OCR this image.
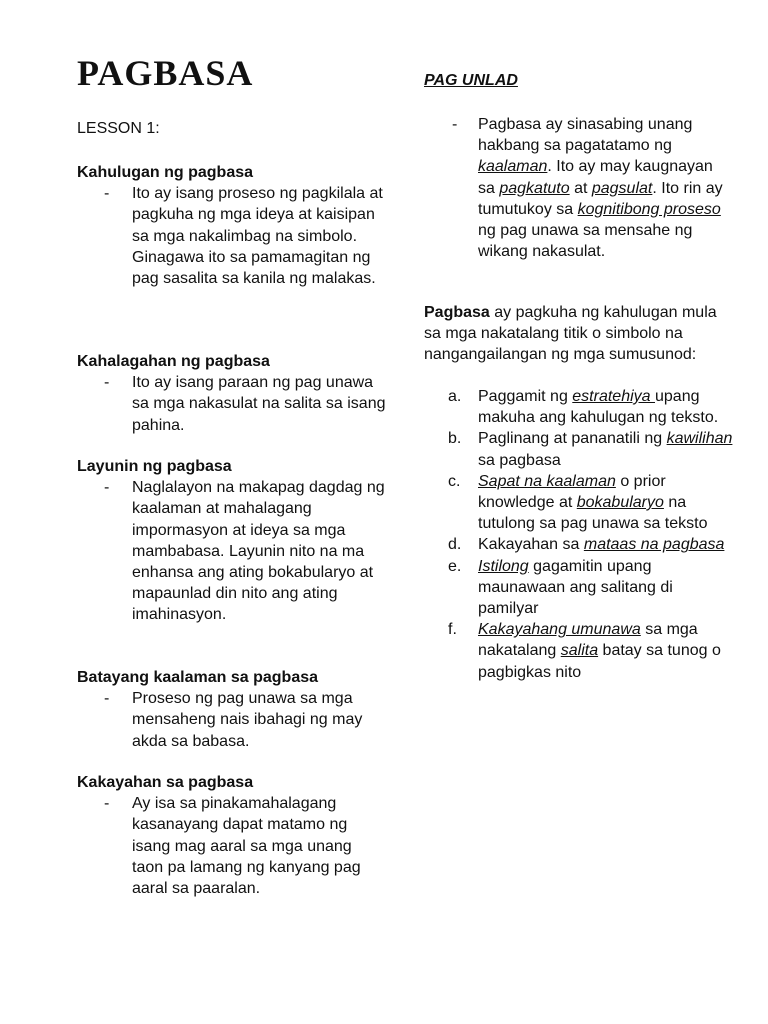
PAGBASA
LESSON 1:
Kahulugan ng pagbasa
- Ito ay isang proseso ng pagkilala at pagkuha ng mga ideya at kaisipan sa mga nakalimbag na simbolo. Ginagawa ito sa pamamagitan ng pag sasalita sa kanila ng malakas.
Kahalagahan ng pagbasa
- Ito ay isang paraan ng pag unawa sa mga nakasulat na salita sa isang pahina.
Layunin ng pagbasa
- Naglalayon na makapag dagdag ng kaalaman at mahalagang impormasyon at ideya sa mga mambabasa. Layunin nito na ma enhansa ang ating bokabularyo at mapaunlad din nito ang ating imahinasyon.
Batayang kaalaman sa pagbasa
- Proseso ng pag unawa sa mga mensaheng nais ibahagi ng may akda sa babasa.
Kakayahan sa pagbasa
- Ay isa sa pinakamahalagang kasanayang dapat matamo ng isang mag aaral sa mga unang taon pa lamang ng kanyang pag aaral sa paaralan.
PAG UNLAD
- Pagbasa ay sinasabing unang hakbang sa pagatatamo ng kaalaman. Ito ay may kaugnayan sa pagkatuto at pagsulat. Ito rin ay tumutukoy sa kognitibong proseso ng pag unawa sa mensahe ng wikang nakasulat.
Pagbasa ay pagkuha ng kahulugan mula sa mga nakatalang titik o simbolo na nangangailangan ng mga sumusunod:
a. Paggamit ng estratehiya upang makuha ang kahulugan ng teksto.
b. Paglinang at pananatili ng kawilihan sa pagbasa
c. Sapat na kaalaman o prior knowledge at bokabularyo na tutulong sa pag unawa sa teksto
d. Kakayahan sa mataas na pagbasa
e. Istilong gagamitin upang maunawaan ang salitang di pamilyar
f. Kakayahang umunawa sa mga nakatalang salita batay sa tunog o pagbigkas nito
